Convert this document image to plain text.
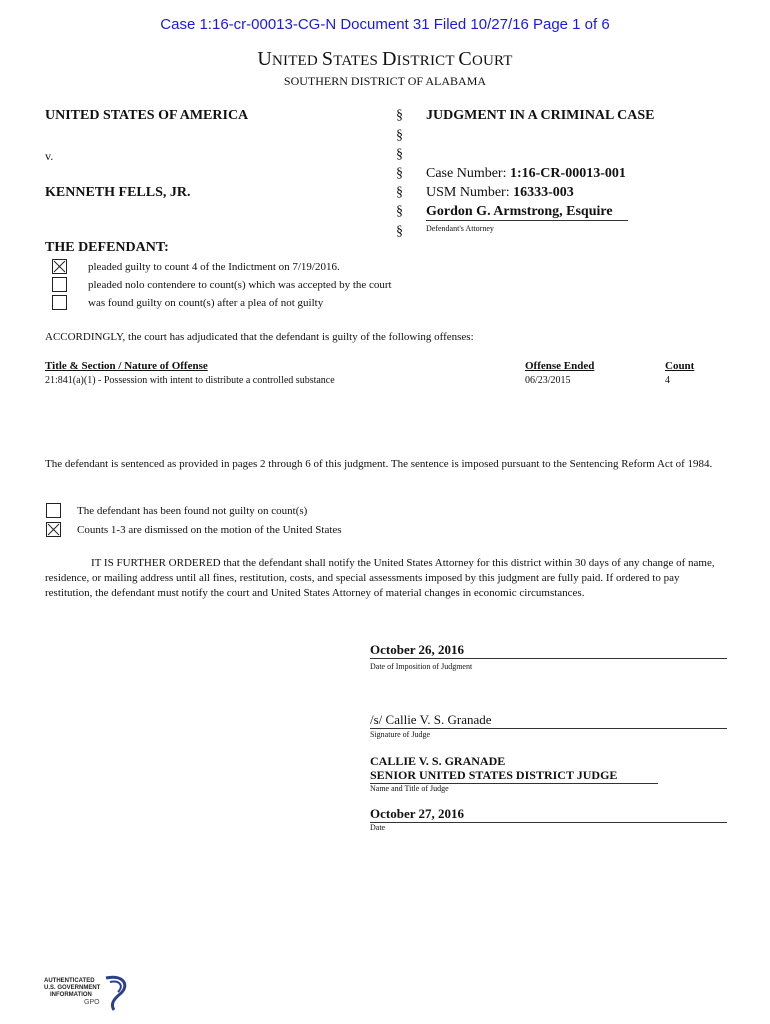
Case 1:16-cr-00013-CG-N Document 31 Filed 10/27/16 Page 1 of 6
UNITED STATES DISTRICT COURT
SOUTHERN DISTRICT OF ALABAMA
UNITED STATES OF AMERICA
v.
KENNETH FELLS, JR.
§
§
§
§
§
§
§
JUDGMENT IN A CRIMINAL CASE
Case Number: 1:16-CR-00013-001
USM Number: 16333-003
Gordon G. Armstrong, Esquire
Defendant's Attorney
THE DEFENDANT:
pleaded guilty to count 4 of the Indictment on 7/19/2016.
pleaded nolo contendere to count(s) which was accepted by the court
was found guilty on count(s) after a plea of not guilty
ACCORDINGLY, the court has adjudicated that the defendant is guilty of the following offenses:
Title & Section / Nature of Offense	Offense Ended	Count
21:841(a)(1) - Possession with intent to distribute a controlled substance	06/23/2015	4
The defendant is sentenced as provided in pages 2 through 6 of this judgment. The sentence is imposed pursuant to the Sentencing Reform Act of 1984.
The defendant has been found not guilty on count(s)
Counts 1-3 are dismissed on the motion of the United States
IT IS FURTHER ORDERED that the defendant shall notify the United States Attorney for this district within 30 days of any change of name, residence, or mailing address until all fines, restitution, costs, and special assessments imposed by this judgment are fully paid. If ordered to pay restitution, the defendant must notify the court and United States Attorney of material changes in economic circumstances.
October 26, 2016
Date of Imposition of Judgment
/s/ Callie V. S. Granade
Signature of Judge
CALLIE V. S. GRANADE
SENIOR UNITED STATES DISTRICT JUDGE
Name and Title of Judge
October 27, 2016
Date
AUTHENTICATED
U.S. GOVERNMENT
INFORMATION
GPO
